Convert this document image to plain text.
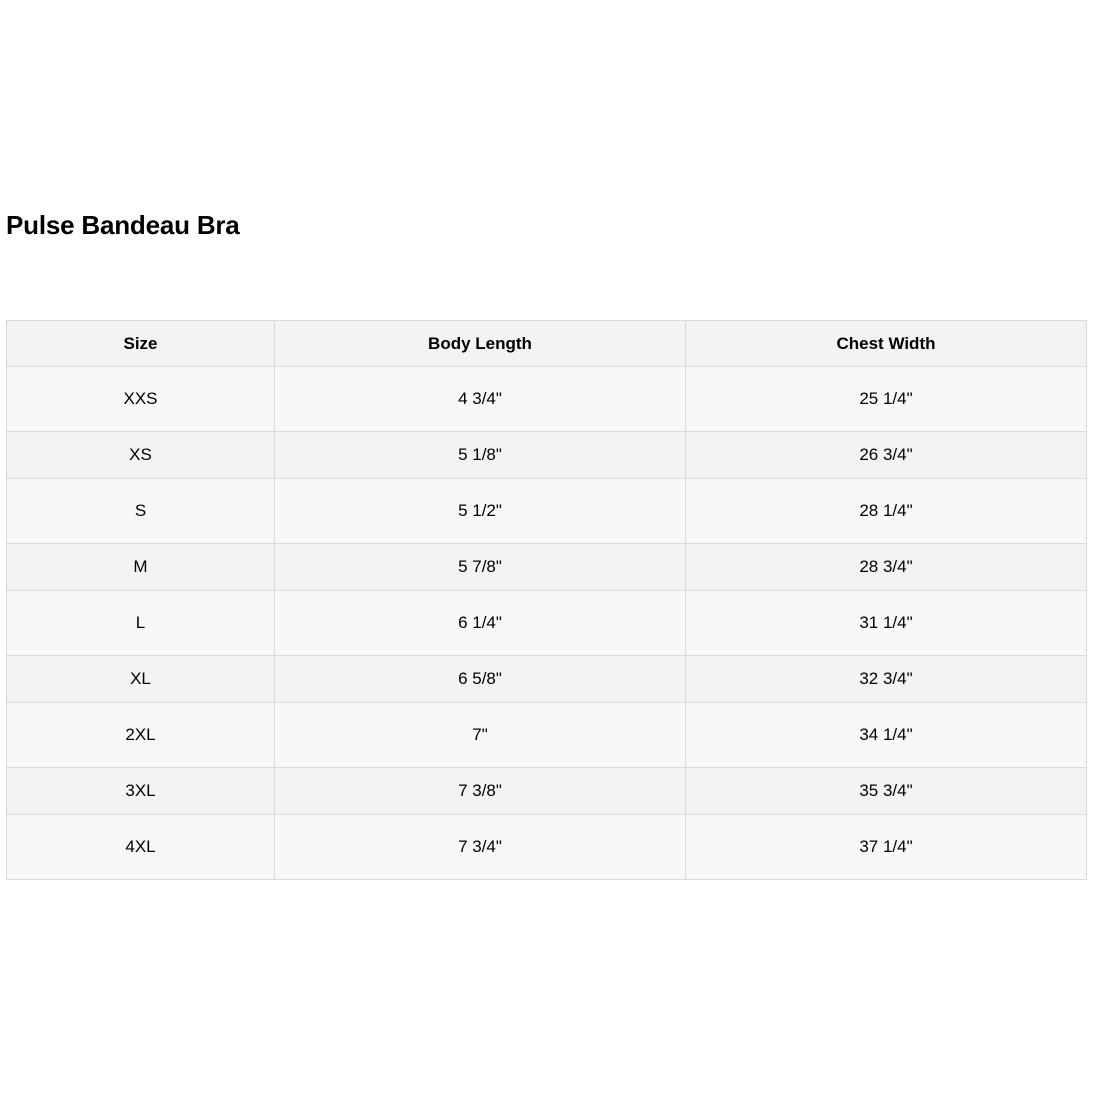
Pulse Bandeau Bra
Size	Body Length	Chest Width
XXS	4 3/4"	25 1/4"
XS	5 1/8"	26 3/4"
S	5 1/2"	28 1/4"
M	5 7/8"	28 3/4"
L	6 1/4"	31 1/4"
XL	6 5/8"	32 3/4"
2XL	7"	34 1/4"
3XL	7 3/8"	35 3/4"
4XL	7 3/4"	37 1/4"
